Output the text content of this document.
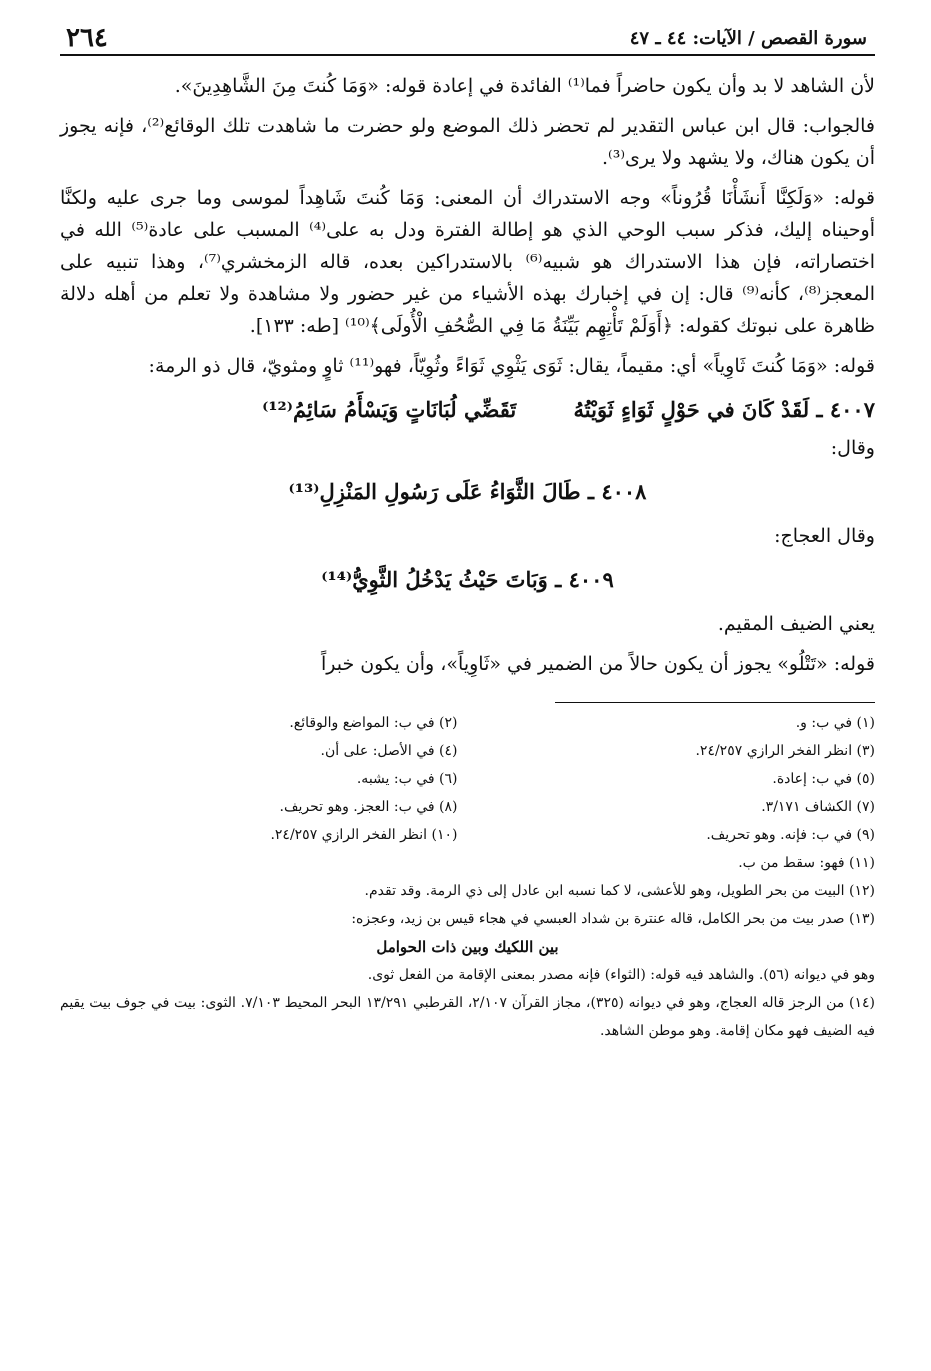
سورة القصص / الآيات: ٤٤ ـ ٤٧
٢٦٤

لأن الشاهد لا بد وأن يكون حاضراً فما⁽¹⁾ الفائدة في إعادة قوله: «وَمَا كُنتَ مِنَ الشَّاهِدِينَ».

فالجواب: قال ابن عباس التقدير لم تحضر ذلك الموضع ولو حضرت ما شاهدت تلك الوقائع⁽²⁾، فإنه يجوز أن يكون هناك، ولا يشهد ولا يرى⁽³⁾.

قوله: «وَلَكِنَّا أَنشَأْنَا قُرُوناً» وجه الاستدراك أن المعنى: وَمَا كُنتَ شَاهِداً لموسى وما جرى عليه ولكنَّا أوحيناه إليك، فذكر سبب الوحي الذي هو إطالة الفترة ودل به على⁽⁴⁾ المسبب على عادة⁽⁵⁾ الله في اختصاراته، فإن هذا الاستدراك هو شبيه⁽⁶⁾ بالاستدراكين بعده، قاله الزمخشري⁽⁷⁾، وهذا تنبيه على المعجز⁽⁸⁾، كأنه⁽⁹⁾ قال: إن في إخبارك بهذه الأشياء من غير حضور ولا مشاهدة ولا تعلم من أهله دلالة ظاهرة على نبوتك كقوله: ﴿أَوَلَمْ تَأْتِهِم بَيِّنَةُ مَا فِي الصُّحُفِ الْأُولَى﴾⁽¹⁰⁾ [طه: ١٣٣].

قوله: «وَمَا كُنتَ ثَاوِياً» أي: مقيماً، يقال: ثَوَى يَثْوِي ثَوَاءً وثُوِيّاً، فهو⁽¹¹⁾ ثاوٍ ومثويّ، قال ذو الرمة:

٤٠٠٧ ـ لَقَدْ كَانَ في حَوْلٍ ثَوَاءٍ ثَوَيْتُهُ تَقَضِّي لُبَانَاتٍ وَيَسْأَمُ سَائِمُ⁽¹²⁾

وقال:

٤٠٠٨ ـ طَالَ الثَّوَاءُ عَلَى رَسُولِ المَنْزِلِ⁽¹³⁾

وقال العجاج:

٤٠٠٩ ـ وَبَاتَ حَيْثُ يَدْخُلُ الثَّوِيُّ⁽¹⁴⁾

يعني الضيف المقيم.

قوله: «تَتْلُو» يجوز أن يكون حالاً من الضمير في «ثَاوِياً»، وأن يكون خبراً

(١) في ب: و.
(٢) في ب: المواضع والوقائع.
(٣) انظر الفخر الرازي ٢٤/٢٥٧.
(٤) في الأصل: على أن.
(٥) في ب: إعادة.
(٦) في ب: يشبه.
(٧) الكشاف ٣/١٧١.
(٨) في ب: العجز. وهو تحريف.
(٩) في ب: فإنه. وهو تحريف.
(١٠) انظر الفخر الرازي ٢٤/٢٥٧.
(١١) فهو: سقط من ب.
(١٢) البيت من بحر الطويل، وهو للأعشى، لا كما نسبه ابن عادل إلى ذي الرمة. وقد تقدم.
(١٣) صدر بيت من بحر الكامل، قاله عنترة بن شداد العبسي في هجاء قيس بن زيد، وعجزه:
بين اللكيك وبين ذات الحوامل
وهو في ديوانه (٥٦). والشاهد فيه قوله: (الثواء) فإنه مصدر بمعنى الإقامة من الفعل ثوى.
(١٤) من الرجز قاله العجاج، وهو في ديوانه (٣٢٥)، مجاز القرآن ٢/١٠٧، القرطبي ١٣/٢٩١ البحر المحيط ٧/١٠٣. الثوى: بيت في جوف بيت يقيم فيه الضيف فهو مكان إقامة. وهو موطن الشاهد.
